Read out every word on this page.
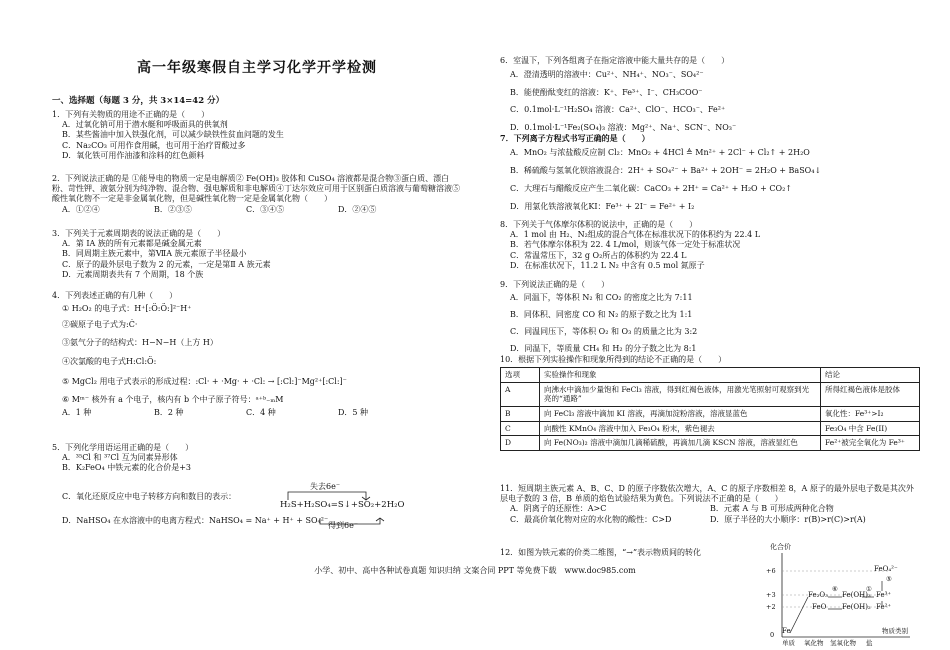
高一年级寒假自主学习化学开学检测
一、选择题（每题 3 分，共 3×14=42 分）
1．下列有关物质的用途不正确的是（　　）
A．过氧化钠可用于潜水艇和呼吸面具的供氧剂
B．某些酱油中加入铁强化剂，可以减少缺铁性贫血问题的发生
C．Na₂CO₃ 可用作食用碱，也可用于治疗胃酸过多
D．氧化铁可用作油漆和涂料的红色颜料
2．下列说法正确的是 ①能导电的物质一定是电解质② Fe(OH)₃ 胶体和 CuSO₄ 溶液都是混合物③蛋白质、漂白粉、苛性钾、液氨分别为纯净物、混合物、强电解质和非电解质④丁达尔效应可用于区别蛋白质溶液与葡萄糖溶液⑤酸性氧化物不一定是非金属氧化物，但是碱性氧化物一定是金属氧化物（　　）
A．①②④	B．②③⑤	C．③④⑤	D．②④⑤
3．下列关于元素周期表的说法正确的是（　　）
A．第 IA 族的所有元素都是碱金属元素
B．同周期主族元素中，第ⅦA 族元素原子半径最小
C．原子的最外层电子数为 2 的元素，一定是第Ⅱ A 族元素
D．元素周期表共有 7 个周期，18 个族
4．下列表述正确的有几种（　　）
① H₂O₂ 的电子式：H⁺[:Ö:Ö:]²⁻H⁺
②碳原子电子式为:Ċ·
③氨气分子的结构式：H−N−H（上方 H）
④次氯酸的电子式H:Cl:Ö:
⑤ MgCl₂ 用电子式表示的形成过程：:Cl· + ·Mg· + ·Cl: → [:Cl:]⁻Mg²⁺[:Cl:]⁻
⑥ Mᵐ⁻ 核外有 a 个电子，核内有 b 个中子原子符号：ᵃ⁺ᵇ₋ₘM
A．1 种	B．2 种	C．4 种	D．5 种
5．下列化学用语运用正确的是（　　）
A．³⁵Cl 和 ³⁷Cl 互为同素异形体
B．K₂FeO₄ 中铁元素的化合价是+3
C．氧化还原反应中电子转移方向和数目的表示：
D．NaHSO₄ 在水溶液中的电离方程式：NaHSO₄ = Na⁺ + H⁺ + SO₄²⁻
失去6e⁻
H₂S+H₂SO₄=S↓+SO₂+2H₂O
得到6e⁻
6．室温下，下列各组离子在指定溶液中能大量共存的是（　　）
A．澄清透明的溶液中：Cu²⁺、NH₄⁺、NO₃⁻、SO₄²⁻
B．能使酚酞变红的溶液：K⁺、Fe³⁺、I⁻、CH₃COO⁻
C．0.1mol·L⁻¹H₂SO₄ 溶液：Ca²⁺、ClO⁻、HCO₃⁻、Fe²⁺
D．0.1mol·L⁻¹Fe₂(SO₄)₃ 溶液：Mg²⁺、Na⁺、SCN⁻、NO₃⁻
7．下列离子方程式书写正确的是（　　）
A．MnO₂ 与浓盐酸反应制 Cl₂：MnO₂ + 4HCl ≜ Mn²⁺ + 2Cl⁻ + Cl₂↑ + 2H₂O
B．稀硫酸与氢氧化钡溶液混合：2H⁺ + SO₄²⁻ + Ba²⁺ + 2OH⁻ = 2H₂O + BaSO₄↓
C．大理石与醋酸反应产生二氧化碳：CaCO₃ + 2H⁺ = Ca²⁺ + H₂O + CO₂↑
D．用氯化铁溶液氧化KI：Fe³⁺ + 2I⁻ = Fe²⁺ + I₂
8．下列关于气体摩尔体积的说法中，正确的是（　　）
A．1 mol 由 H₂、N₂组成的混合气体在标准状况下的体积约为 22.4 L
B．若气体摩尔体积为 22. 4 L/mol，则该气体一定处于标准状况
C．常温常压下，32 g O₂所占的体积约为 22.4 L
D．在标准状况下，11.2 L N₂ 中含有 0.5 mol 氮原子
9．下列说法正确的是（　　）
A．同温下，等体积 N₂ 和 CO₂ 的密度之比为 7:11
B．同体积、同密度 CO 和 N₂ 的原子数之比为 1:1
C．同温同压下，等体积 O₂ 和 O₃ 的质量之比为 3:2
D．同温下，等质量 CH₄ 和 H₂ 的分子数之比为 8:1
10．根据下列实验操作和现象所得到的结论不正确的是（　　）
选项	实验操作和现象	结论
A	向沸水中滴加少量饱和 FeCl₃ 溶液，得到红褐色液体，用激光笔照射可观察到光亮的“通路”	所得红褐色液体是胶体
B	向 FeCl₃ 溶液中滴加 KI 溶液，再滴加淀粉溶液，溶液显蓝色	氧化性：Fe³⁺>I₂
C	向酸性 KMnO₄ 溶液中加入 Fe₃O₄ 粉末，紫色褪去	Fe₃O₄ 中含 Fe(II)
D	向 Fe(NO₃)₂ 溶液中滴加几滴稀硫酸，再滴加几滴 KSCN 溶液，溶液显红色	Fe²⁺被完全氧化为 Fe³⁺
11．短周期主族元素 A、B、C、D 的原子序数依次增大，A、C 的原子序数相差 8，A 原子的最外层电子数是其次外层电子数的 3 倍，B 单质的焰色试验结果为黄色。下列说法不正确的是（　　）
A．阴离子的还原性：A>C	B．元素 A 与 B 可形成两种化合物
C．最高价氧化物对应的水化物的酸性：C>D	D．原子半径的大小顺序：r(B)>r(C)>r(A)
12．如图为铁元素的价类二维图，“→”表示物质间的转化
小学、初中、高中各种试卷真题 知识归纳 文案合同 PPT 等免费下载　www.doc985.com
化合价
+6
+3
+2
0
单质 氧化物 氢氧化物 盐
物质类别
FeO₄²⁻
Fe₂O₃ Fe(OH)₃ Fe³⁺
FeO Fe(OH)₂ Fe²⁺
Fe
⑤
⑥	①
